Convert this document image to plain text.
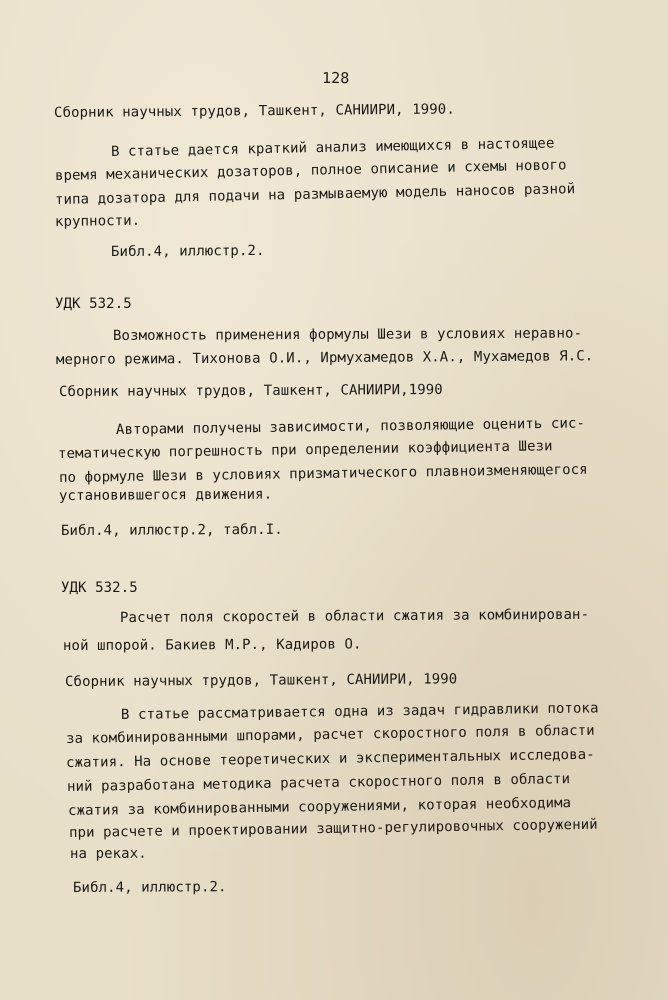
128
Сборник научных трудов, Ташкент, САНИИРИ, 1990.
В статье дается краткий анализ имеющихся в настоящее
время механических дозаторов, полное описание и схемы нового
типа дозатора для подачи на размываемую модель наносов разной
крупности.
Библ.4, иллюстр.2.
УДК 532.5
Возможность применения формулы Шези в условиях неравно-
мерного режима. Тихонова О.И., Ирмухамедов Х.А., Мухамедов Я.С.
Сборник научных трудов, Ташкент, САНИИРИ,1990
Авторами получены зависимости, позволяющие оценить сис-
тематическую погрешность при определении коэффициента Шези
по формуле Шези в условиях призматического плавноизменяющегося
установившегося движения.
Библ.4, иллюстр.2, табл.I.
УДК 532.5
Расчет поля скоростей в области сжатия за комбинирован-
ной шпорой. Бакиев М.Р., Кадиров О.
Сборник научных трудов, Ташкент, САНИИРИ, 1990
В статье рассматривается одна из задач гидравлики потока
за комбинированными шпорами, расчет скоростного поля в области
сжатия. На основе теоретических и экспериментальных исследова-
ний разработана методика расчета скоростного поля в области
сжатия за комбинированными сооружениями, которая необходима
при расчете и проектировании защитно-регулировочных сооружений
на реках.
Библ.4, иллюстр.2.
